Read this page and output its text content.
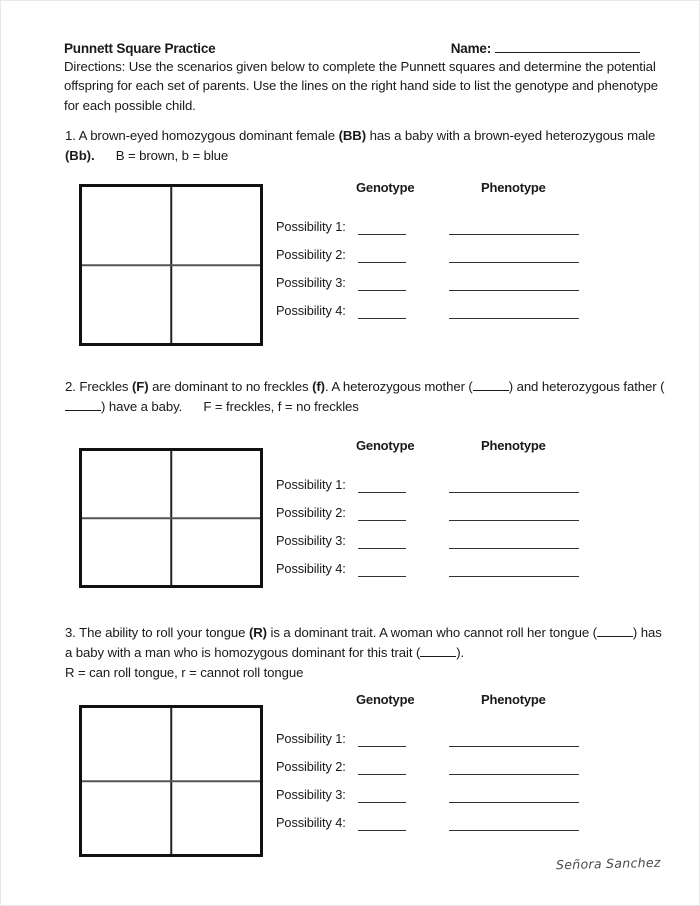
Punnett Square Practice	Name:
Directions: Use the scenarios given below to complete the Punnett squares and determine the potential offspring for each set of parents. Use the lines on the right hand side to list the genotype and phenotype for each possible child.
1. A brown-eyed homozygous dominant female (BB) has a baby with a brown-eyed heterozygous male (Bb). B = brown, b = blue
Genotype	Phenotype
Possibility 1:
Possibility 2:
Possibility 3:
Possibility 4:
2. Freckles (F) are dominant to no freckles (f). A heterozygous mother (	) and heterozygous father () have a baby. F = freckles, f = no freckles
Genotype	Phenotype
Possibility 1:
Possibility 2:
Possibility 3:
Possibility 4:
3. The ability to roll your tongue (R) is a dominant trait. A woman who cannot roll her tongue (	) has a baby with a man who is homozygous dominant for this trait (	).
R = can roll tongue, r = cannot roll tongue
Genotype	Phenotype
Possibility 1:
Possibility 2:
Possibility 3:
Possibility 4:
Señora Sanchez
